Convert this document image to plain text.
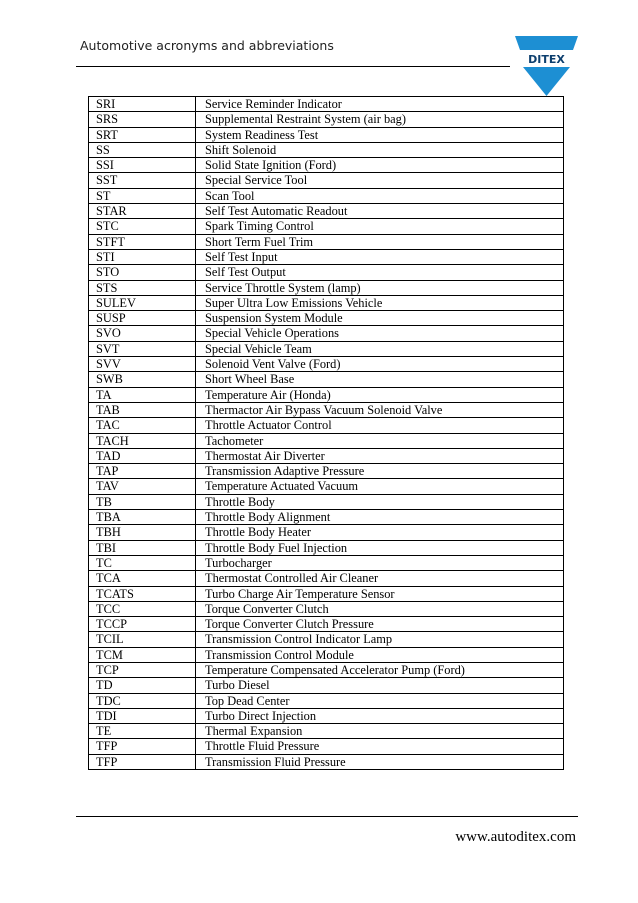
Automotive acronyms and abbreviations
DITEX
SRI	Service Reminder Indicator
SRS	Supplemental Restraint System (air bag)
SRT	System Readiness Test
SS	Shift Solenoid
SSI	Solid State Ignition (Ford)
SST	Special Service Tool
ST	Scan Tool
STAR	Self Test Automatic Readout
STC	Spark Timing Control
STFT	Short Term Fuel Trim
STI	Self Test Input
STO	Self Test Output
STS	Service Throttle System (lamp)
SULEV	Super Ultra Low Emissions Vehicle
SUSP	Suspension System Module
SVO	Special Vehicle Operations
SVT	Special Vehicle Team
SVV	Solenoid Vent Valve (Ford)
SWB	Short Wheel Base
TA	Temperature Air (Honda)
TAB	Thermactor Air Bypass Vacuum Solenoid Valve
TAC	Throttle Actuator Control
TACH	Tachometer
TAD	Thermostat Air Diverter
TAP	Transmission Adaptive Pressure
TAV	Temperature Actuated Vacuum
TB	Throttle Body
TBA	Throttle Body Alignment
TBH	Throttle Body Heater
TBI	Throttle Body Fuel Injection
TC	Turbocharger
TCA	Thermostat Controlled Air Cleaner
TCATS	Turbo Charge Air Temperature Sensor
TCC	Torque Converter Clutch
TCCP	Torque Converter Clutch Pressure
TCIL	Transmission Control Indicator Lamp
TCM	Transmission Control Module
TCP	Temperature Compensated Accelerator Pump (Ford)
TD	Turbo Diesel
TDC	Top Dead Center
TDI	Turbo Direct Injection
TE	Thermal Expansion
TFP	Throttle Fluid Pressure
TFP	Transmission Fluid Pressure
www.autoditex.com
